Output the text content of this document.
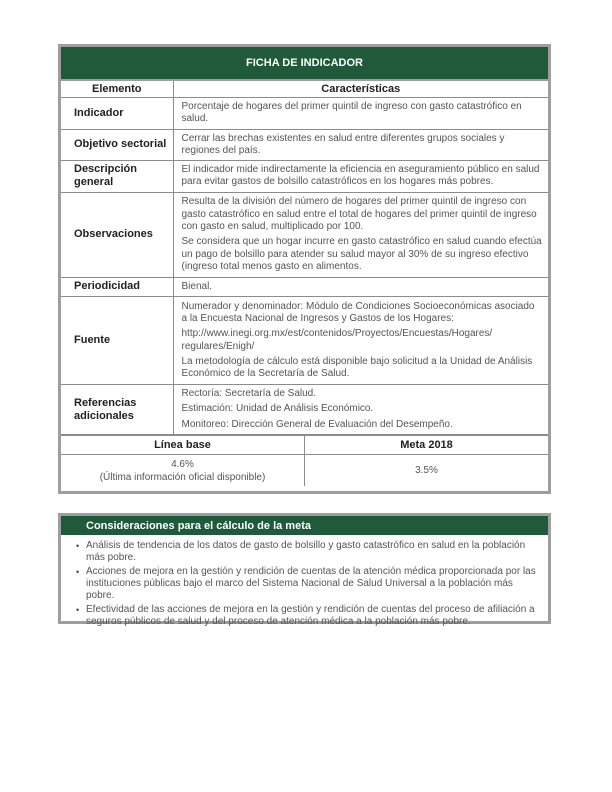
FICHA DE INDICADOR
Elemento	Características
Indicador	Porcentaje de hogares del primer quintil de ingreso con gasto catastrófico en salud.

Objetivo sectorial	Cerrar las brechas existentes en salud entre diferentes grupos sociales y regiones del país.

Descripción general	El indicador mide indirectamente la eficiencia en aseguramiento público en salud para evitar gastos de bolsillo catastróficos en los hogares más pobres.

Observaciones	Resulta de la división del número de hogares del primer quintil de ingreso con gasto catastrófico en salud entre el total de hogares del primer quintil de ingreso con gasto en salud, multiplicado por 100.

Se considera que un hogar incurre en gasto catastrófico en salud cuando efectúa un pago de bolsillo para atender su salud mayor al 30% de su ingreso efectivo (ingreso total menos gasto en alimentos.

Periodicidad	Bienal.

Fuente	Numerador y denominador: Módulo de Condiciones Socioeconómicas asociado a la Encuesta Nacional de Ingresos y Gastos de los Hogares:

http://www.inegi.org.mx/est/contenidos/Proyectos/Encuestas/Hogares/ regulares/Enigh/

La metodología de cálculo está disponible bajo solicitud a la Unidad de Análisis Económico de la Secretaría de Salud.

Referencias adicionales	Rectoría: Secretaría de Salud.

Estimación: Unidad de Análisis Económico.

Monitoreo: Dirección General de Evaluación del Desempeño.

Línea base	Meta 2018

4.6%
(Última información oficial disponible)	3.5%
Consideraciones para el cálculo de la meta
• Análisis de tendencia de los datos de gasto de bolsillo y gasto catastrófico en salud en la población más pobre.
• Acciones de mejora en la gestión y rendición de cuentas de la atención médica proporcionada por las instituciones públicas bajo el marco del Sistema Nacional de Salud Universal a la población más pobre.
• Efectividad de las acciones de mejora en la gestión y rendición de cuentas del proceso de afiliación a seguros públicos de salud y del proceso de atención médica a la población más pobre.
